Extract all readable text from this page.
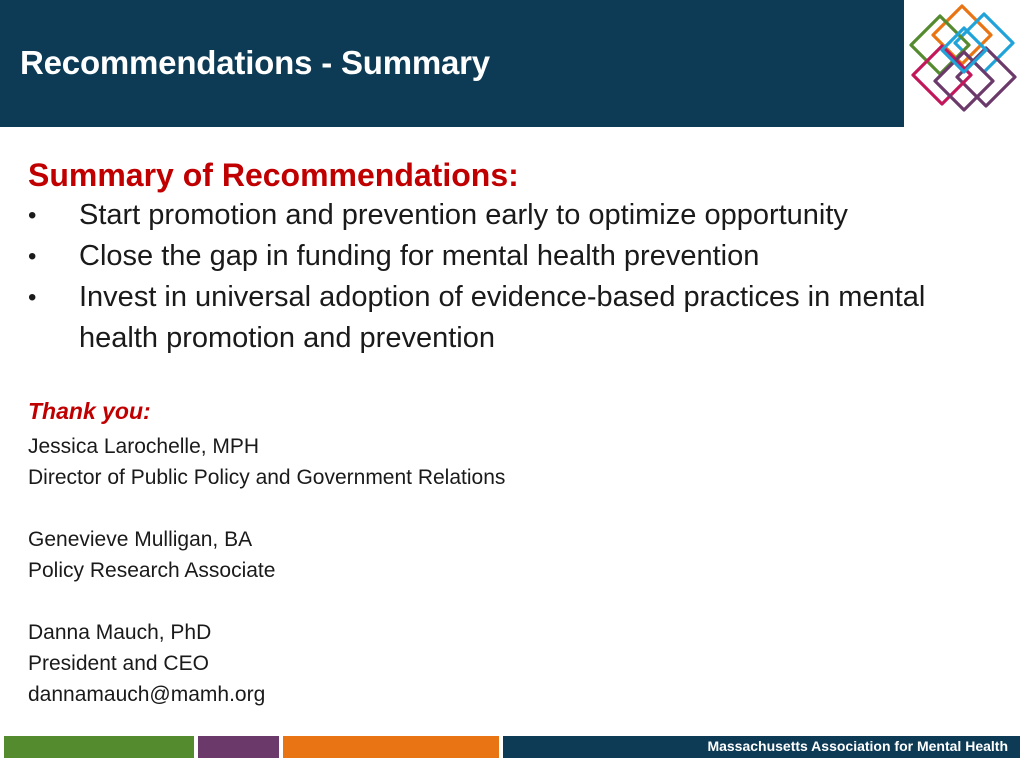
Recommendations - Summary
Summary of Recommendations:
•	Start promotion and prevention early to optimize opportunity
•	Close the gap in funding for mental health prevention
•	Invest in universal adoption of evidence-based practices in mental health promotion and prevention
Thank you:
Jessica Larochelle, MPH
Director of Public Policy and Government Relations
Genevieve Mulligan, BA
Policy Research Associate
Danna Mauch, PhD
President and CEO
dannamauch@mamh.org
Massachusetts Association for Mental Health
